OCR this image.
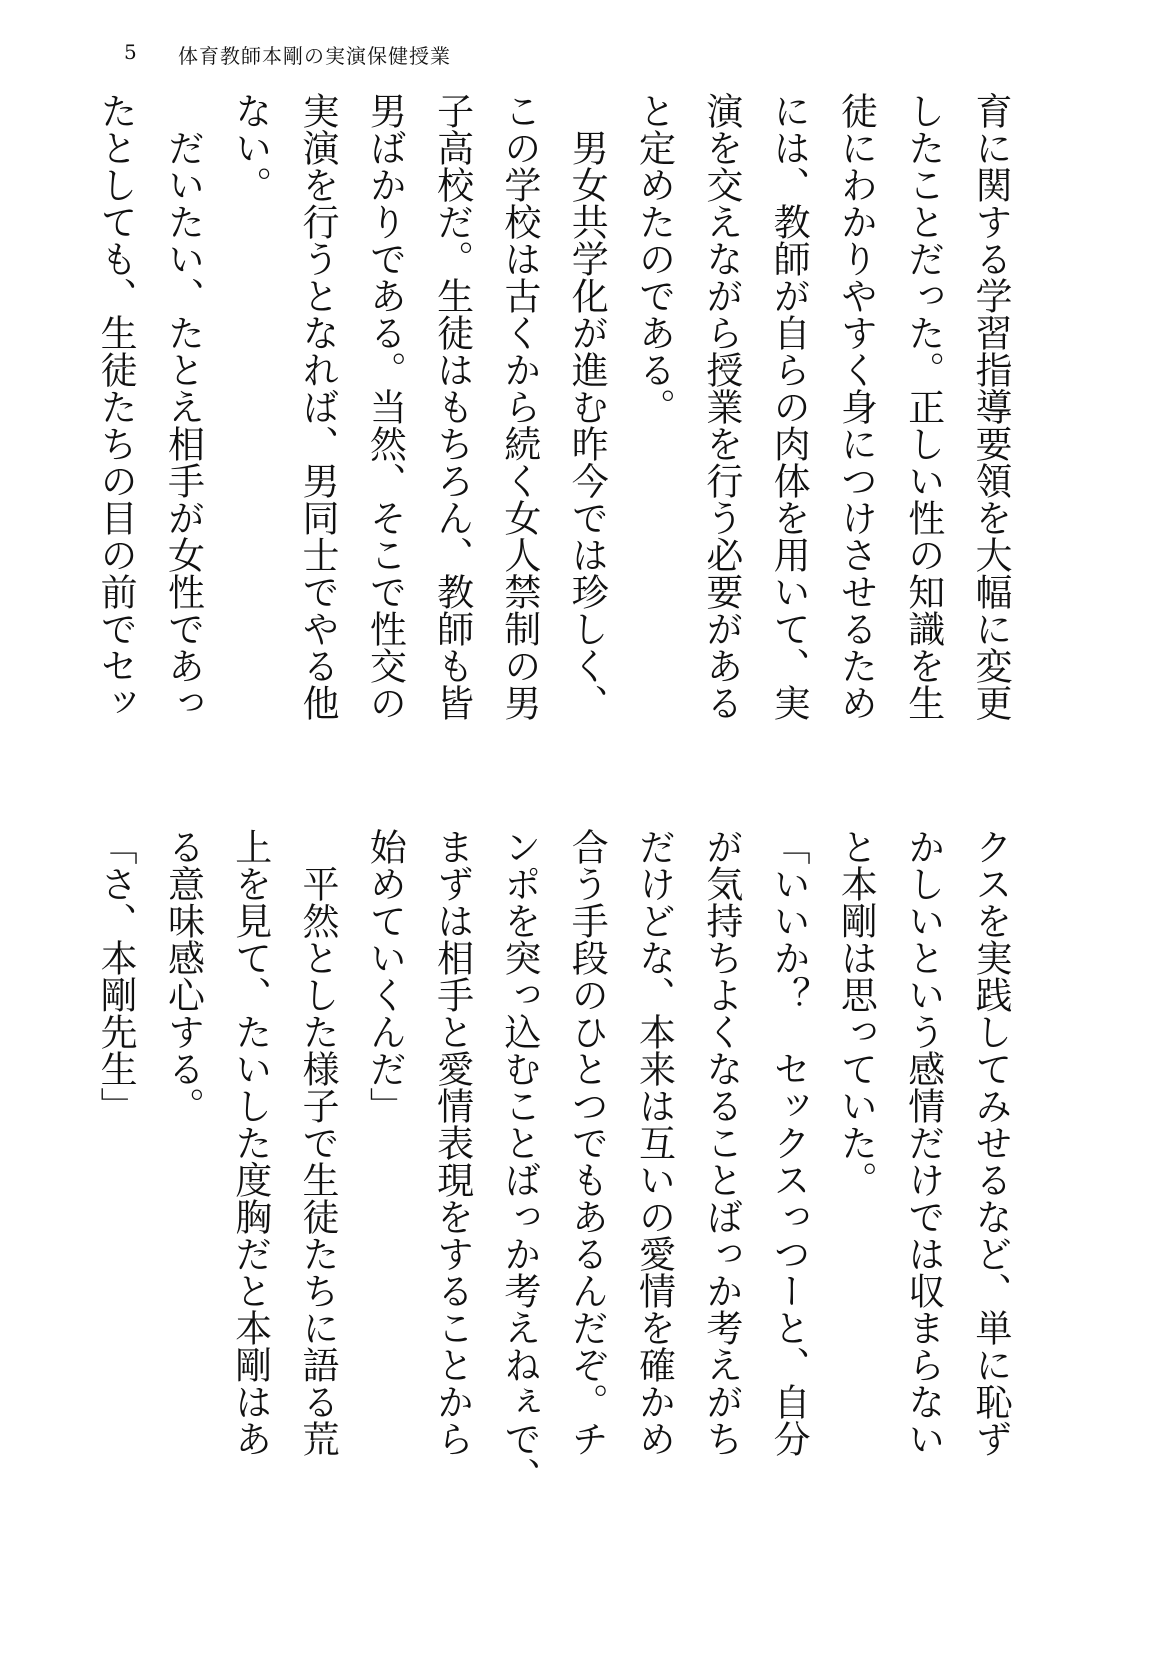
5 体育教師本剛の実演保健授業
育に関する学習指導要領を大幅に変更
したことだった。正しい性の知識を生
徒にわかりやすく身につけさせるため
には、教師が自らの肉体を用いて、実
演を交えながら授業を行う必要がある
と定めたのである。
　男女共学化が進む昨今では珍しく、
この学校は古くから続く女人禁制の男
子高校だ。生徒はもちろん、教師も皆
男ばかりである。当然、そこで性交の
実演を行うとなれば、男同士でやる他
ない。
　だいたい、たとえ相手が女性であっ
たとしても、生徒たちの目の前でセッ
クスを実践してみせるなど、単に恥ず
かしいという感情だけでは収まらない
と本剛は思っていた。
「いいか？　セックスっつーと、自分
が気持ちよくなることばっか考えがち
だけどな、本来は互いの愛情を確かめ
合う手段のひとつでもあるんだぞ。チ
ンポを突っ込むことばっか考えねぇで、
まずは相手と愛情表現をすることから
始めていくんだ」
　平然とした様子で生徒たちに語る荒
上を見て、たいした度胸だと本剛はあ
る意味感心する。
「さ、本剛先生」
